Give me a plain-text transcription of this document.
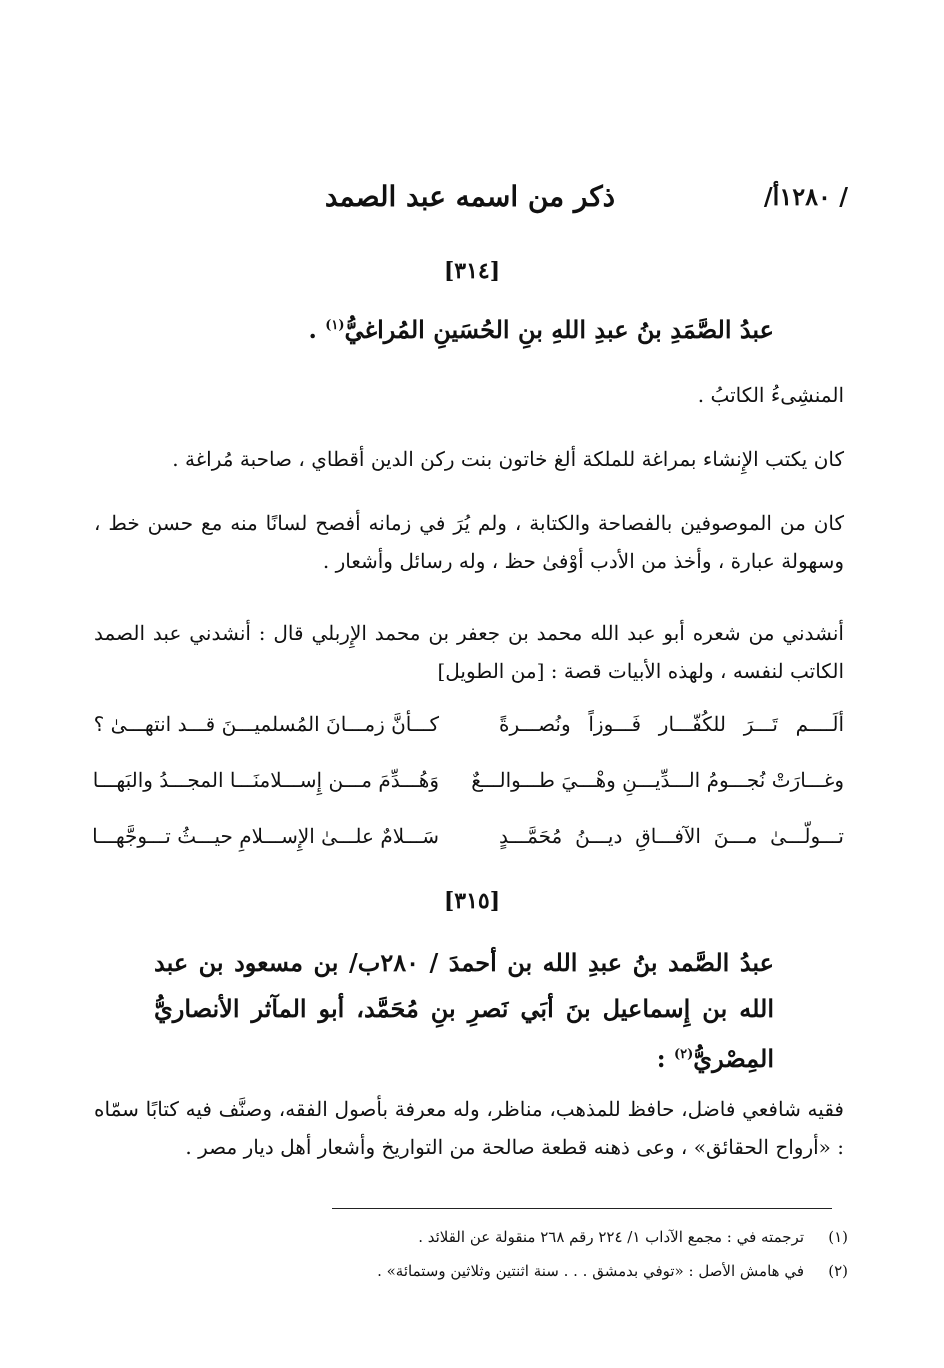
/ ١٢٨٠أ/
ذكر من اسمه عبد الصمد
[٣١٤]
عبدُ الصَّمَدِ بنُ عبدِ اللهِ بنِ الحُسَينِ المُراغيُّ$^{(١)}$ .
المنشِىءُ الكاتبُ .
كان يكتب الإِنشاء بمراغة للملكة ألغ خاتون بنت ركن الدين أقطاي ، صاحبة مُراغة .
كان من الموصوفين بالفصاحة والكتابة ، ولم يُرَ في زمانه أفصح لسانًا منه مع حسن خط ، وسهولة عبارة ، وأخذ من الأدب أوْفىٰ حظ ، وله رسائل وأشعار .
أنشدني من شعره أبو عبد الله محمد بن جعفر بن محمد الإِربلي قال : أنشدني عبد الصمد الكاتب لنفسه ، ولهذه الأبيات قصة : [من الطويل]
ألَــــم تَـــرَ للكُفّـــار فَـــوزاً ونُصـــرةً
كـــأنَّ زمـــانَ المُسلميـــنَ قـــد انتهـــىٰ ؟
وغـــارَتْ نُجـــومُ الـــدِّيـــنِ وهْـــيَ طـــوالـــعٌ
وَهُـــدِّمَ مـــن إِســـلامنَـــا المجـــدُ والبَهـــا
تـــولّـــىٰ مـــنَ الآفـــاقِ ديـــنُ مُحَمَّـــدٍ
سَـــلامٌ علـــىٰ الإِســـلامِ حيـــثُ تـــوجَّهـــا
[٣١٥]
عبدُ الصَّمد بنُ عبدِ الله بن أحمدَ / ٢٨٠ب/ بن مسعود بن عبد الله بن إِسماعيل بنَ أبَي نَصرِ بنِ مُحَمَّد، أبو المآثر الأنصاريُّ المِصْريُّ$^{(٢)}$ :
فقيه شافعي فاضل، حافظ للمذهب، مناظر، وله معرفة بأصول الفقه، وصنَّف فيه كتابًا سمّاه : «أرواح الحقائق» ، وعى ذهنه قطعة صالحة من التواريخ وأشعار أهل ديار مصر .
(١)ترجمته في : مجمع الآداب ١/ ٢٢٤ رقم ٢٦٨ منقولة عن القلائد .
(٢)في هامش الأصل : «توفي بدمشق . . . سنة اثنتين وثلاثين وستمائة» .
